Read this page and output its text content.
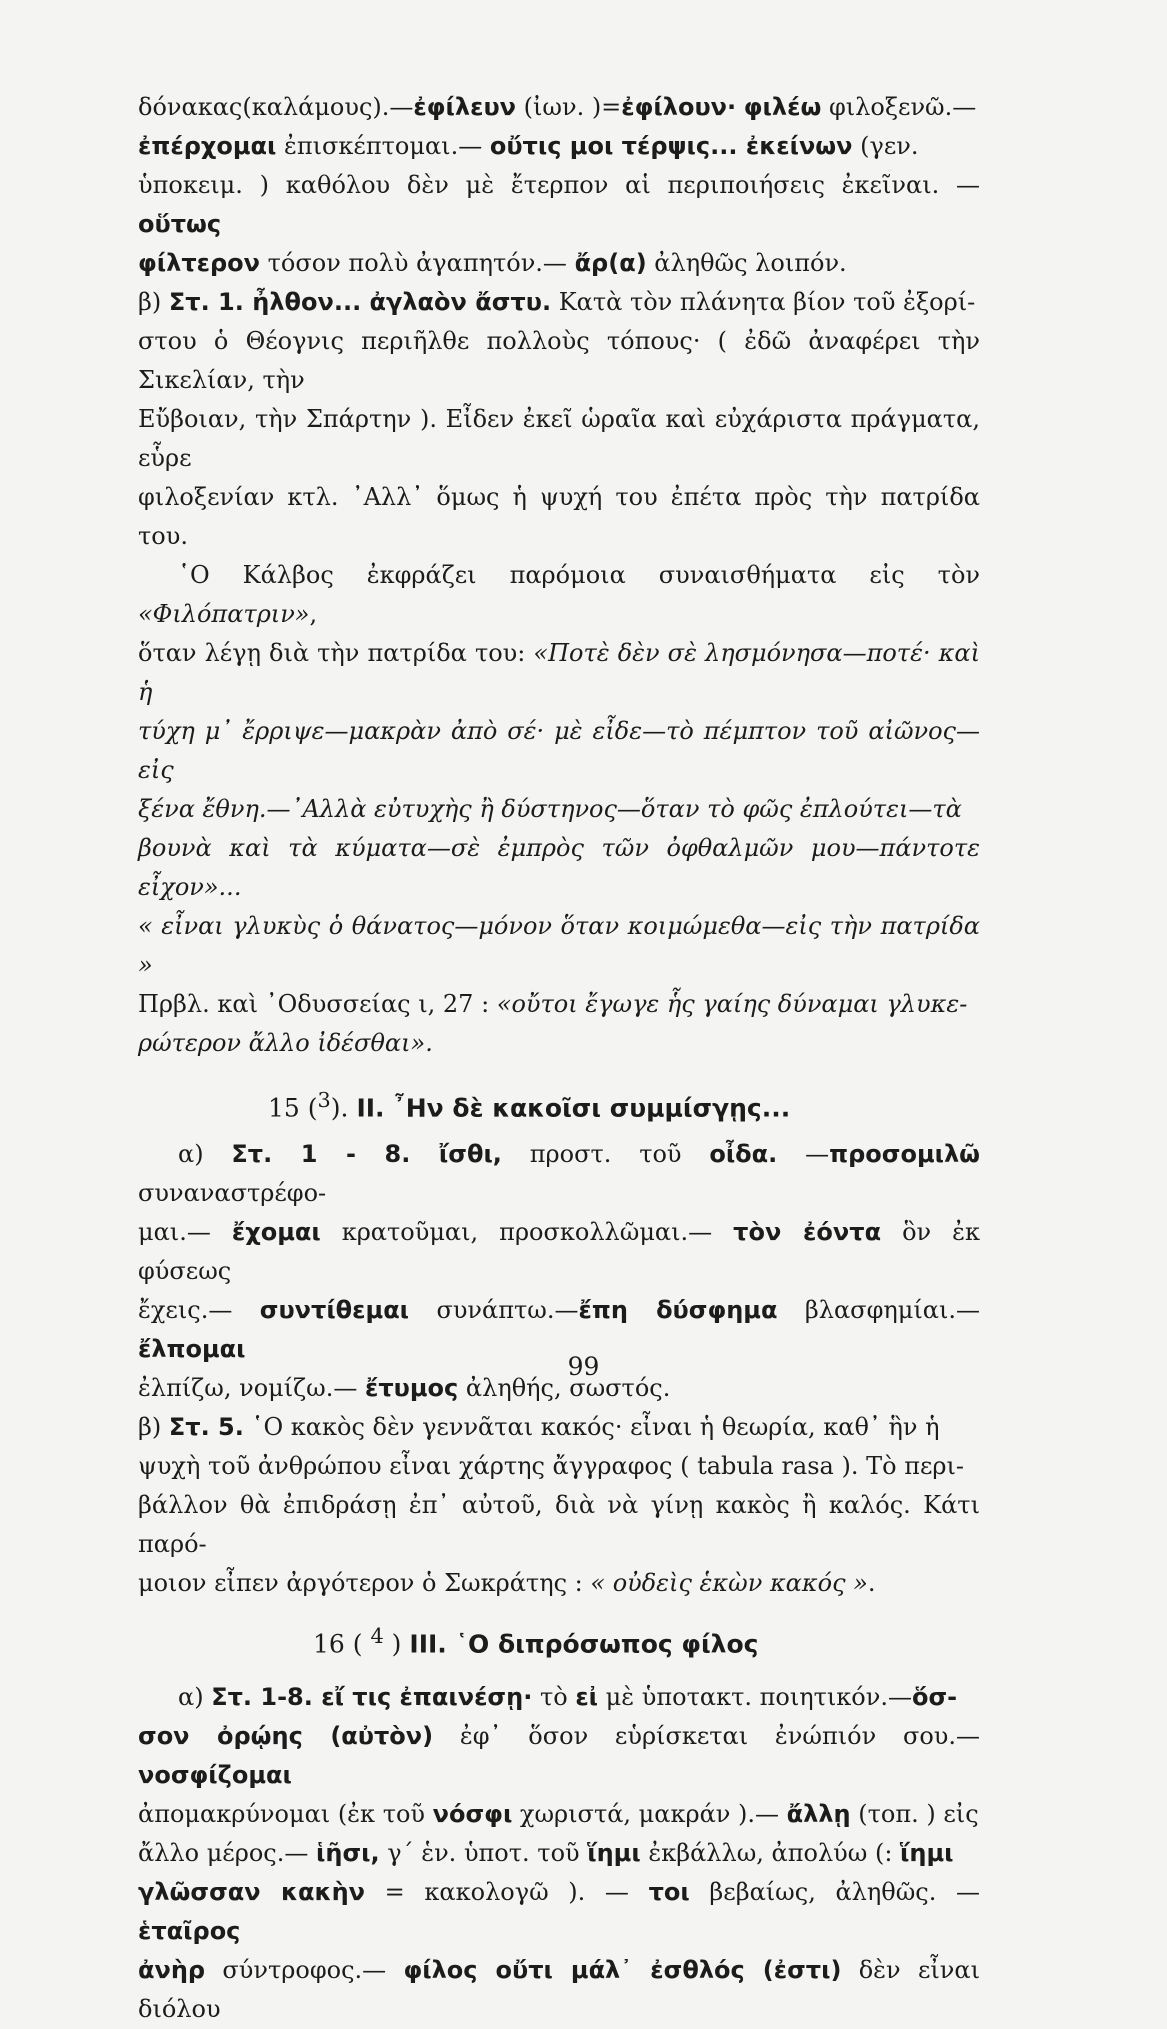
δόνακας(καλάμους).—ἐφίλευν (ἰων. )=ἐφίλουν· φιλέω φιλοξενῶ.—

ἐπέρχομαι ἐπισκέπτομαι.— οὔτις μοι τέρψις... ἐκείνων (γεν.

ὑποκειμ. ) καθόλου δὲν μὲ ἔτερπον αἱ περιποιήσεις ἐκεῖναι. —οὕτως

φίλτερον τόσον πολὺ ἀγαπητόν.— ἄρ(α) ἀληθῶς λοιπόν.

β) Στ. 1. ἦλθον... ἀγλαὸν ἄστυ. Κατὰ τὸν πλάνητα βίον τοῦ ἐξορί-

στου ὁ Θέογνις περιῆλθε πολλοὺς τόπους· ( ἐδῶ ἀναφέρει τὴν Σικελίαν, τὴν

Εὔβοιαν, τὴν Σπάρτην ). Εἶδεν ἐκεῖ ὡραῖα καὶ εὐχάριστα πράγματα, εὗρε

φιλοξενίαν κτλ. ᾿Αλλ᾿ ὅμως ἡ ψυχή του ἐπέτα πρὸς τὴν πατρίδα του.

῾Ο Κάλβος ἐκφράζει παρόμοια συναισθήματα εἰς τὸν «Φιλόπατριν»,

ὅταν λέγῃ διὰ τὴν πατρίδα του: «Ποτὲ δὲν σὲ λησμόνησα—ποτέ· καὶ ἡ

τύχη μ᾿ ἔρριψε—μακρὰν ἀπὸ σέ· μὲ εἶδε—τὸ πέμπτον τοῦ αἰῶνος—εἰς

ξένα ἔθνη.—᾿Αλλὰ εὐτυχὴς ἢ δύστηνος—ὅταν τὸ φῶς ἐπλούτει—τὰ

βουνὰ καὶ τὰ κύματα—σὲ ἐμπρὸς τῶν ὀφθαλμῶν μου—πάντοτε εἶχον»...

« εἶναι γλυκὺς ὁ θάνατος—μόνον ὅταν κοιμώμεθα—εἰς τὴν πατρίδα »

Πρβλ. καὶ ᾿Οδυσσείας ι, 27 : «οὔτοι ἔγωγε ἧς γαίης δύναμαι γλυκε-

ρώτερον ἄλλο ἰδέσθαι».

15 ($^3$). II. ῏Ην δὲ κακοῖσι συμμίσγῃς...

α) Στ. 1 - 8. ἴσθι, προστ. τοῦ οἶδα. —προσομιλῶ συναναστρέφο-

μαι.— ἔχομαι κρατοῦμαι, προσκολλῶμαι.— τὸν ἐόντα ὃν ἐκ φύσεως

ἔχεις.— συντίθεμαι συνάπτω.—ἔπη δύσφημα βλασφημίαι.—ἔλπομαι

ἐλπίζω, νομίζω.— ἔτυμος ἀληθής, σωστός.

β) Στ. 5. ῾Ο κακὸς δὲν γεννᾶται κακός· εἶναι ἡ θεωρία, καθ᾿ ἣν ἡ

ψυχὴ τοῦ ἀνθρώπου εἶναι χάρτης ἄγγραφος ( tabula rasa ). Τὸ περι-

βάλλον θὰ ἐπιδράσῃ ἐπ᾿ αὐτοῦ, διὰ νὰ γίνῃ κακὸς ἢ καλός. Κάτι παρό-

μοιον εἶπεν ἀργότερον ὁ Σωκράτης : « οὐδεὶς ἑκὼν κακός ».

16 ( $^4$ ) III. ῾Ο διπρόσωπος φίλος

α) Στ. 1-8. εἴ τις ἐπαινέσῃ· τὸ εἰ μὲ ὑποτακτ. ποιητικόν.—ὅσ-

σον ὀρῴης (αὐτὸν) ἐφ᾿ ὅσον εὑρίσκεται ἐνώπιόν σου.— νοσφίζομαι

ἀπομακρύνομαι (ἐκ τοῦ νόσφι χωριστά, μακράν ).— ἄλλῃ (τοπ. ) εἰς

ἄλλο μέρος.— ἱῆσι, γ΄ ἑν. ὑποτ. τοῦ ἵημι ἐκβάλλω, ἀπολύω (: ἵημι

γλῶσσαν κακὴν = κακολογῶ ). — τοι βεβαίως, ἀληθῶς. — ἑταῖρος

ἀνὴρ σύντροφος.— φίλος οὔτι μάλ᾿ ἐσθλός (ἐστι) δὲν εἶναι διόλου

99
